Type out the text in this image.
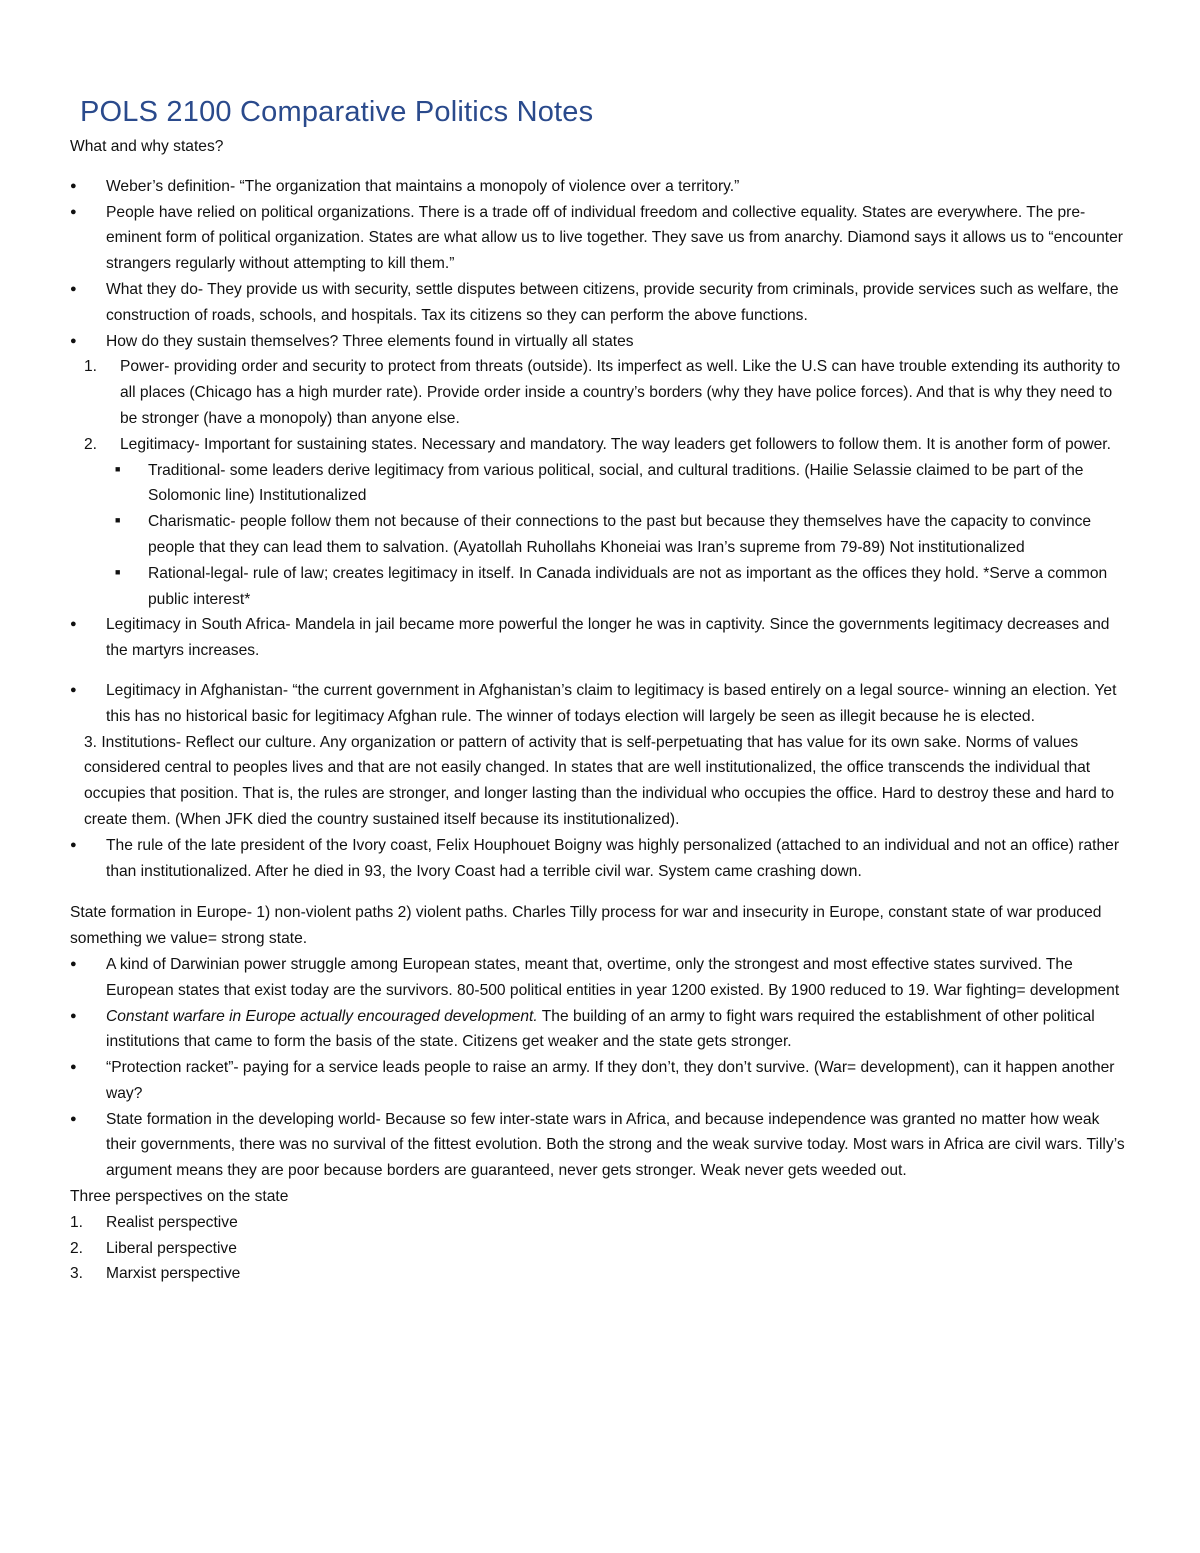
POLS 2100 Comparative Politics Notes

What and why states?

●	Weber’s definition- “The organization that maintains a monopoly of violence over a territory.”
●	People have relied on political organizations. There is a trade off of individual freedom and collective equality. States are everywhere. The pre-eminent form of political organization. States are what allow us to live together. They save us from anarchy. Diamond says it allows us to “encounter strangers regularly without attempting to kill them.”
●	What they do- They provide us with security, settle disputes between citizens, provide security from criminals, provide services such as welfare, the construction of roads, schools, and hospitals. Tax its citizens so they can perform the above functions.
●	How do they sustain themselves? Three elements found in virtually all states
1. Power- providing order and security to protect from threats (outside). Its imperfect as well. Like the U.S can have trouble extending its authority to all places (Chicago has a high murder rate). Provide order inside a country’s borders (why they have police forces). And that is why they need to be stronger (have a monopoly) than anyone else.
2. Legitimacy- Important for sustaining states. Necessary and mandatory. The way leaders get followers to follow them. It is another form of power.
■ Traditional- some leaders derive legitimacy from various political, social, and cultural traditions. (Hailie Selassie claimed to be part of the Solomonic line) Institutionalized
■ Charismatic- people follow them not because of their connections to the past but because they themselves have the capacity to convince people that they can lead them to salvation. (Ayatollah Ruhollahs Khoneiai was Iran’s supreme from 79-89) Not institutionalized
■ Rational-legal- rule of law; creates legitimacy in itself. In Canada individuals are not as important as the offices they hold. *Serve a common public interest*
●	Legitimacy in South Africa- Mandela in jail became more powerful the longer he was in captivity. Since the governments legitimacy decreases and the martyrs increases.
●	Legitimacy in Afghanistan- “the current government in Afghanistan’s claim to legitimacy is based entirely on a legal source- winning an election. Yet this has no historical basic for legitimacy Afghan rule. The winner of todays election will largely be seen as illegit because he is elected.

3. Institutions- Reflect our culture. Any organization or pattern of activity that is self-perpetuating that has value for its own sake. Norms of values considered central to peoples lives and that are not easily changed. In states that are well institutionalized, the office transcends the individual that occupies that position. That is, the rules are stronger, and longer lasting than the individual who occupies the office. Hard to destroy these and hard to create them. (When JFK died the country sustained itself because its institutionalized).

●	The rule of the late president of the Ivory coast, Felix Houphouet Boigny was highly personalized (attached to an individual and not an office) rather than institutionalized. After he died in 93, the Ivory Coast had a terrible civil war. System came crashing down.

State formation in Europe- 1) non-violent paths 2) violent paths. Charles Tilly process for war and insecurity in Europe, constant state of war produced something we value= strong state.

●	A kind of Darwinian power struggle among European states, meant that, overtime, only the strongest and most effective states survived. The European states that exist today are the survivors. 80-500 political entities in year 1200 existed. By 1900 reduced to 19. War fighting= development
●	Constant warfare in Europe actually encouraged development. The building of an army to fight wars required the establishment of other political institutions that came to form the basis of the state. Citizens get weaker and the state gets stronger.
●	“Protection racket”- paying for a service leads people to raise an army. If they don’t, they don’t survive. (War= development), can it happen another way?
●	State formation in the developing world- Because so few inter-state wars in Africa, and because independence was granted no matter how weak their governments, there was no survival of the fittest evolution. Both the strong and the weak survive today. Most wars in Africa are civil wars. Tilly’s argument means they are poor because borders are guaranteed, never gets stronger. Weak never gets weeded out.

Three perspectives on the state

1. Realist perspective
2. Liberal perspective
3. Marxist perspective
